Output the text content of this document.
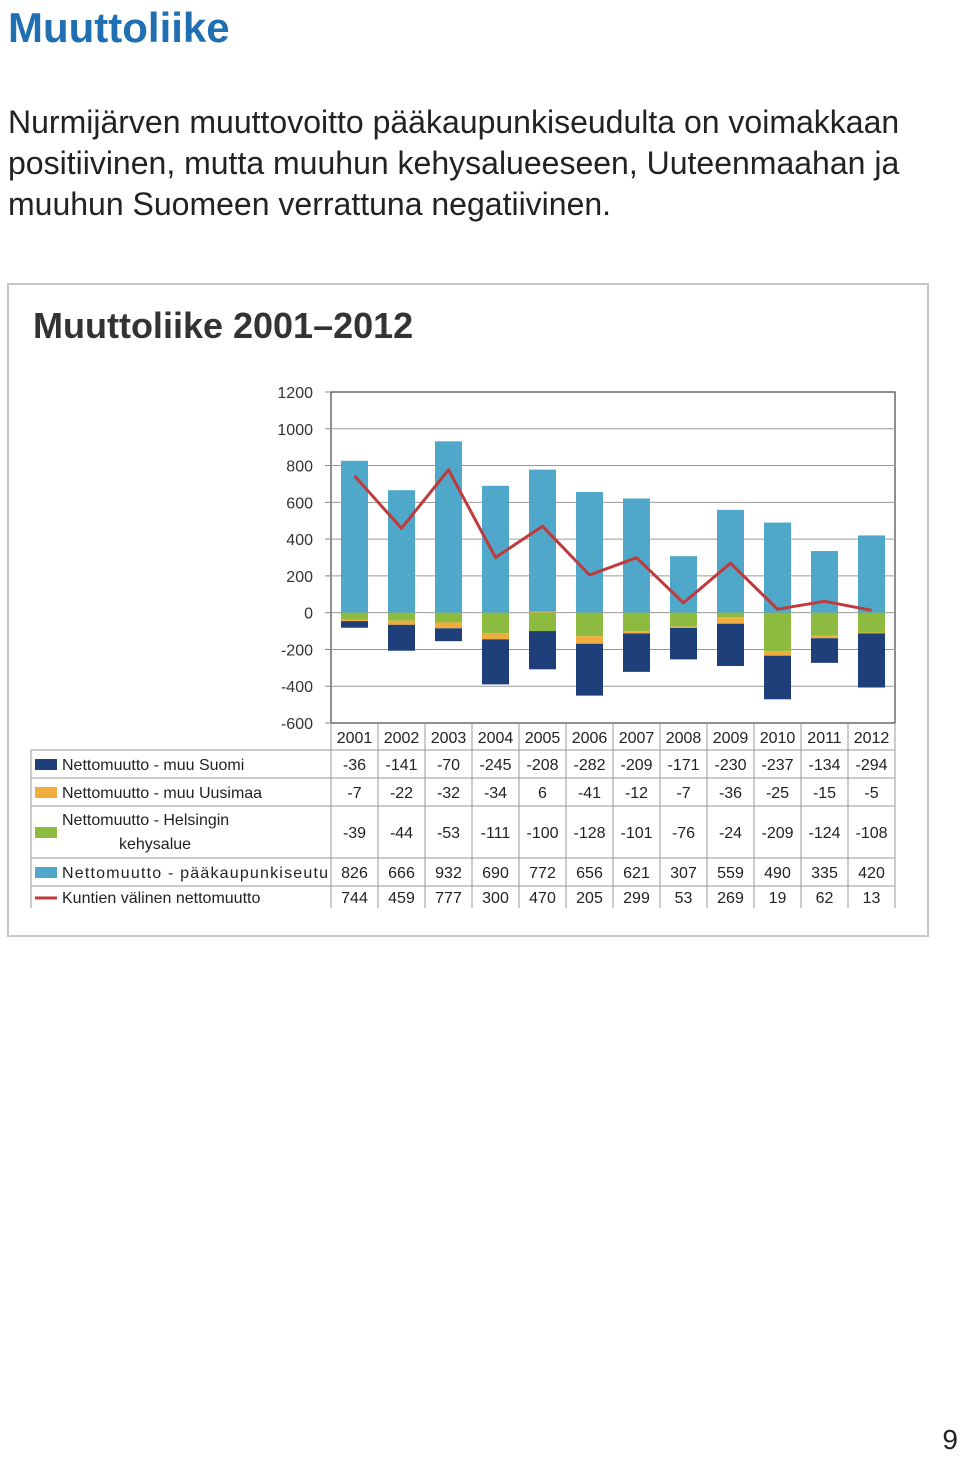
Muuttoliike

Nurmijärven muuttovoitto pääkaupunkiseudulta on voimakkaan positiivinen, mutta muuhun kehysalueeseen, Uuteenmaahan ja muuhun Suomeen verrattuna negatiivinen.

Muuttoliike 2001–2012
1200
1000
800
600
400
200
0
-200
-400
-600
2001 2002 2003 2004 2005 2006 2007 2008 2009 2010 2011 2012
Nettomuutto - muu Suomi	-36 -141 -70 -245 -208 -282 -209 -171 -230 -237 -134 -294
Nettomuutto - muu Uusimaa	-7 -22 -32 -34 6 -41 -12 -7 -36 -25 -15 -5
Nettomuutto - Helsingin
kehysalue
-39 -44 -53 -111 -100 -128 -101 -76 -24 -209 -124 -108
Nettomuutto - pääkaupunkiseutu 826 666 932 690 772 656 621 307 559 490 335 420
Kuntien välinen nettomuutto	744 459 777 300 470 205 299 53 269 19 62 13
9
